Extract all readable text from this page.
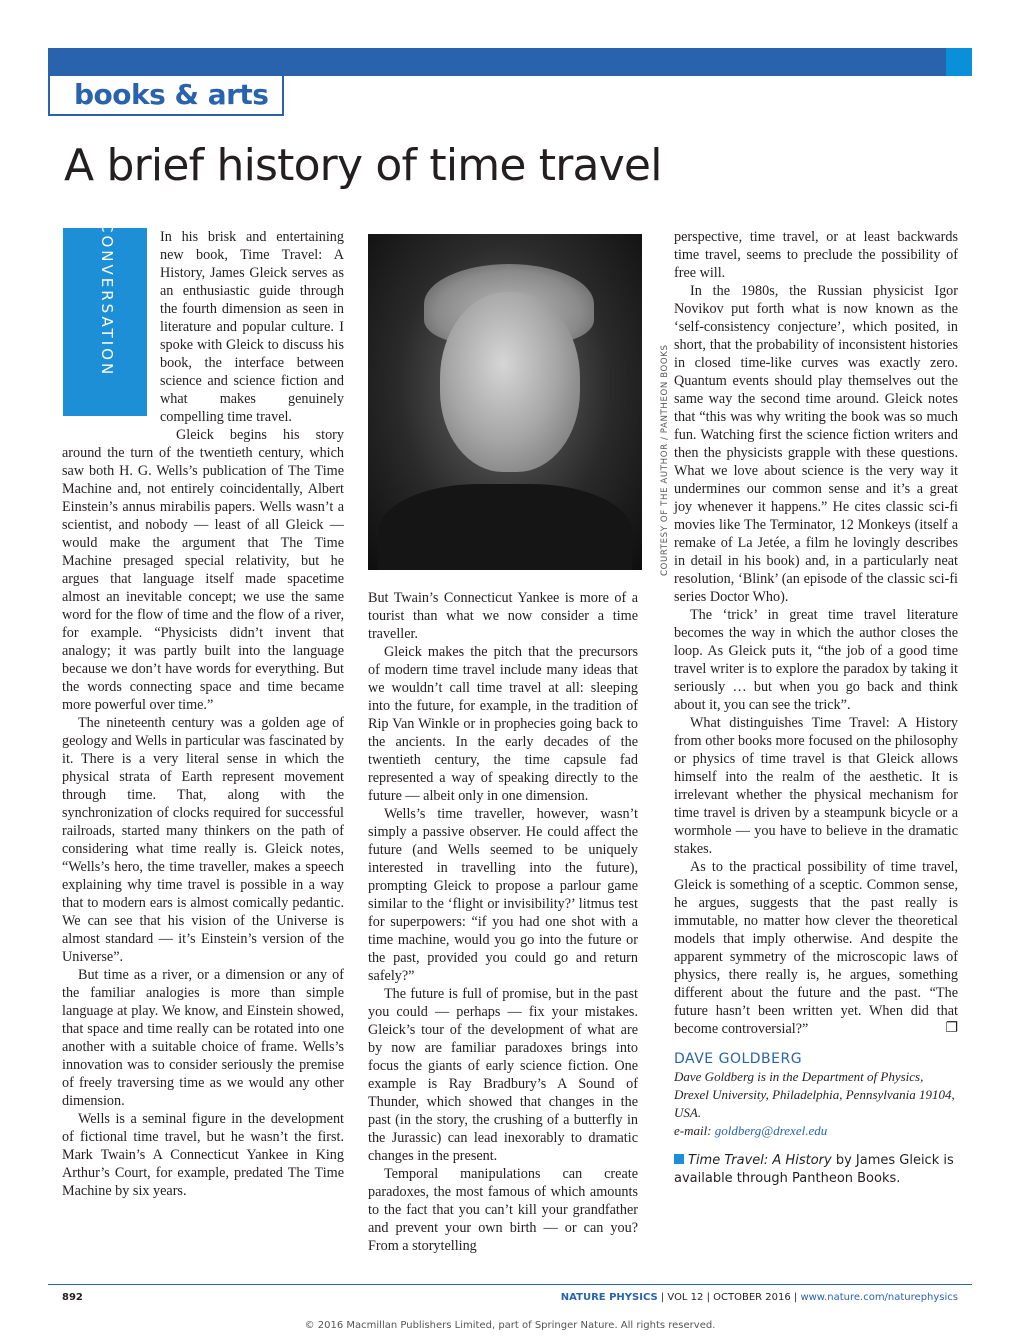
books & arts
A brief history of time travel
CONVERSATION	In his brisk and entertaining new book, Time Travel: A History, James Gleick serves as an enthusiastic guide through the fourth dimension as seen in literature and popular culture. I spoke with Gleick to discuss his book, the interface between science and science fiction and what makes genuinely compelling time travel.

Gleick begins his story around the turn of the twentieth century, which saw both H. G. Wells’s publication of The Time Machine and, not entirely coincidentally, Albert Einstein’s annus mirabilis papers. Wells wasn’t a scientist, and nobody — least of all Gleick — would make the argument that The Time Machine presaged special relativity, but he argues that language itself made spacetime almost an inevitable concept; we use the same word for the flow of time and the flow of a river, for example. “Physicists didn’t invent that analogy; it was partly built into the language because we don’t have words for everything. But the words connecting space and time became more powerful over time.”

The nineteenth century was a golden age of geology and Wells in particular was fascinated by it. There is a very literal sense in which the physical strata of Earth represent movement through time. That, along with the synchronization of clocks required for successful railroads, started many thinkers on the path of considering what time really is. Gleick notes, “Wells’s hero, the time traveller, makes a speech explaining why time travel is possible in a way that to modern ears is almost comically pedantic. We can see that his vision of the Universe is almost standard — it’s Einstein’s version of the Universe”.

But time as a river, or a dimension or any of the familiar analogies is more than simple language at play. We know, and Einstein showed, that space and time really can be rotated into one another with a suitable choice of frame. Wells’s innovation was to consider seriously the premise of freely traversing time as we would any other dimension.

Wells is a seminal figure in the development of fictional time travel, but he wasn’t the first. Mark Twain’s A Connecticut Yankee in King Arthur’s Court, for example, predated The Time Machine by six years.

COURTESY OF THE AUTHOR / PANTHEON BOOKS

But Twain’s Connecticut Yankee is more of a tourist than what we now consider a time traveller.

Gleick makes the pitch that the precursors of modern time travel include many ideas that we wouldn’t call time travel at all: sleeping into the future, for example, in the tradition of Rip Van Winkle or in prophecies going back to the ancients. In the early decades of the twentieth century, the time capsule fad represented a way of speaking directly to the future — albeit only in one dimension.

Wells’s time traveller, however, wasn’t simply a passive observer. He could affect the future (and Wells seemed to be uniquely interested in travelling into the future), prompting Gleick to propose a parlour game similar to the ‘flight or invisibility?’ litmus test for superpowers: “if you had one shot with a time machine, would you go into the future or the past, provided you could go and return safely?”

The future is full of promise, but in the past you could — perhaps — fix your mistakes. Gleick’s tour of the development of what are by now are familiar paradoxes brings into focus the giants of early science fiction. One example is Ray Bradbury’s A Sound of Thunder, which showed that changes in the past (in the story, the crushing of a butterfly in the Jurassic) can lead inexorably to dramatic changes in the present.

Temporal manipulations can create paradoxes, the most famous of which amounts to the fact that you can’t kill your grandfather and prevent your own birth — or can you? From a storytelling

perspective, time travel, or at least backwards time travel, seems to preclude the possibility of free will.

In the 1980s, the Russian physicist Igor Novikov put forth what is now known as the ‘self-consistency conjecture’, which posited, in short, that the probability of inconsistent histories in closed time-like curves was exactly zero. Quantum events should play themselves out the same way the second time around. Gleick notes that “this was why writing the book was so much fun. Watching first the science fiction writers and then the physicists grapple with these questions. What we love about science is the very way it undermines our common sense and it’s a great joy whenever it happens.” He cites classic sci-fi movies like The Terminator, 12 Monkeys (itself a remake of La Jetée, a film he lovingly describes in detail in his book) and, in a particularly neat resolution, ‘Blink’ (an episode of the classic sci-fi series Doctor Who).

The ‘trick’ in great time travel literature becomes the way in which the author closes the loop. As Gleick puts it, “the job of a good time travel writer is to explore the paradox by taking it seriously … but when you go back and think about it, you can see the trick”.

What distinguishes Time Travel: A History from other books more focused on the philosophy or physics of time travel is that Gleick allows himself into the realm of the aesthetic. It is irrelevant whether the physical mechanism for time travel is driven by a steampunk bicycle or a wormhole — you have to believe in the dramatic stakes.

As to the practical possibility of time travel, Gleick is something of a sceptic. Common sense, he argues, suggests that the past really is immutable, no matter how clever the theoretical models that imply otherwise. And despite the apparent symmetry of the microscopic laws of physics, there really is, he argues, something different about the future and the past. “The future hasn’t been written yet. When did that become controversial?”	❐

DAVE GOLDBERG
Dave Goldberg is in the Department of Physics, Drexel University, Philadelphia, Pennsylvania 19104, USA.
e-mail: goldberg@drexel.edu
Time Travel: A History by James Gleick is available through Pantheon Books.
892	NATURE PHYSICS | VOL 12 | OCTOBER 2016 | www.nature.com/naturephysics
© 2016 Macmillan Publishers Limited, part of Springer Nature. All rights reserved.
